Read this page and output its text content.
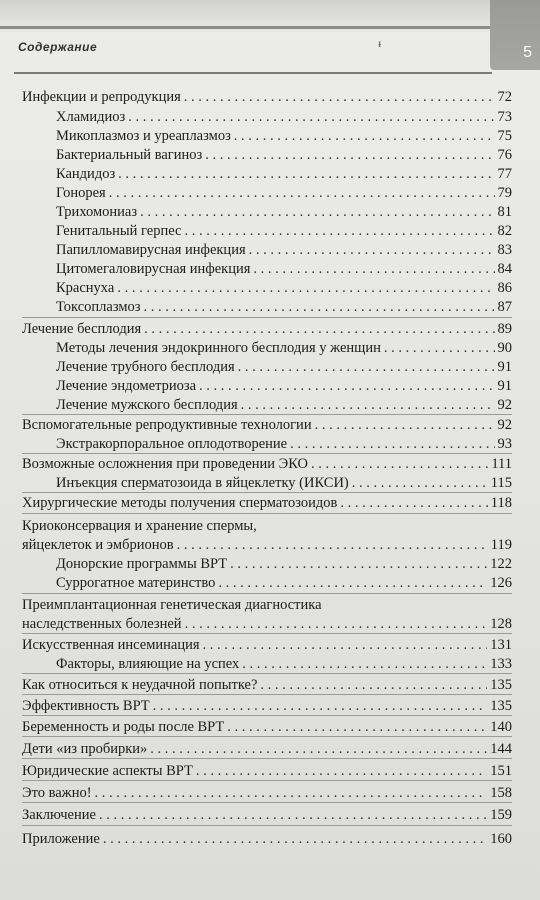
5
Содержание	ᵻ
Инфекции и репродукция . . .	72
Хламидиоз . . .	73
Микоплазмоз и уреаплазмоз . . .	75
Бактериальный вагиноз . . .	76
Кандидоз . . .	77
Гонорея . . .	79
Трихомониаз . . .	81
Генитальный герпес . . .	82
Папилломавирусная инфекция . . .	83
Цитомегаловирусная инфекция . . .	84
Краснуха . . .	86
Токсоплазмоз . . .	87
Лечение бесплодия . . .	89
Методы лечения эндокринного бесплодия у женщин . . .	90
Лечение трубного бесплодия . . .	91
Лечение эндометриоза . . .	91
Лечение мужского бесплодия . . .	92
Вспомогательные репродуктивные технологии . . .	92
Экстракорпоральное оплодотворение . . .	93
Возможные осложнения при проведении ЭКО . . .	111
Инъекция сперматозоида в яйцеклетку (ИКСИ) . . .	115
Хирургические методы получения сперматозоидов . . .	118
Криоконсервация и хранение спермы,
яйцеклеток и эмбрионов . . .	119
Донорские программы ВРТ . . .	122
Суррогатное материнство . . .	126
Преимплантационная генетическая диагностика
наследственных болезней . . .	128
Искусственная инсеминация . . .	131
Факторы, влияющие на успех . . .	133
Как относиться к неудачной попытке? . . .	135
Эффективность ВРТ . . .	135
Беременность и роды после ВРТ . . .	140
Дети «из пробирки» . . .	144
Юридические аспекты ВРТ . . .	151
Это важно! . . .	158
Заключение . . .	159
Приложение . . .	160
